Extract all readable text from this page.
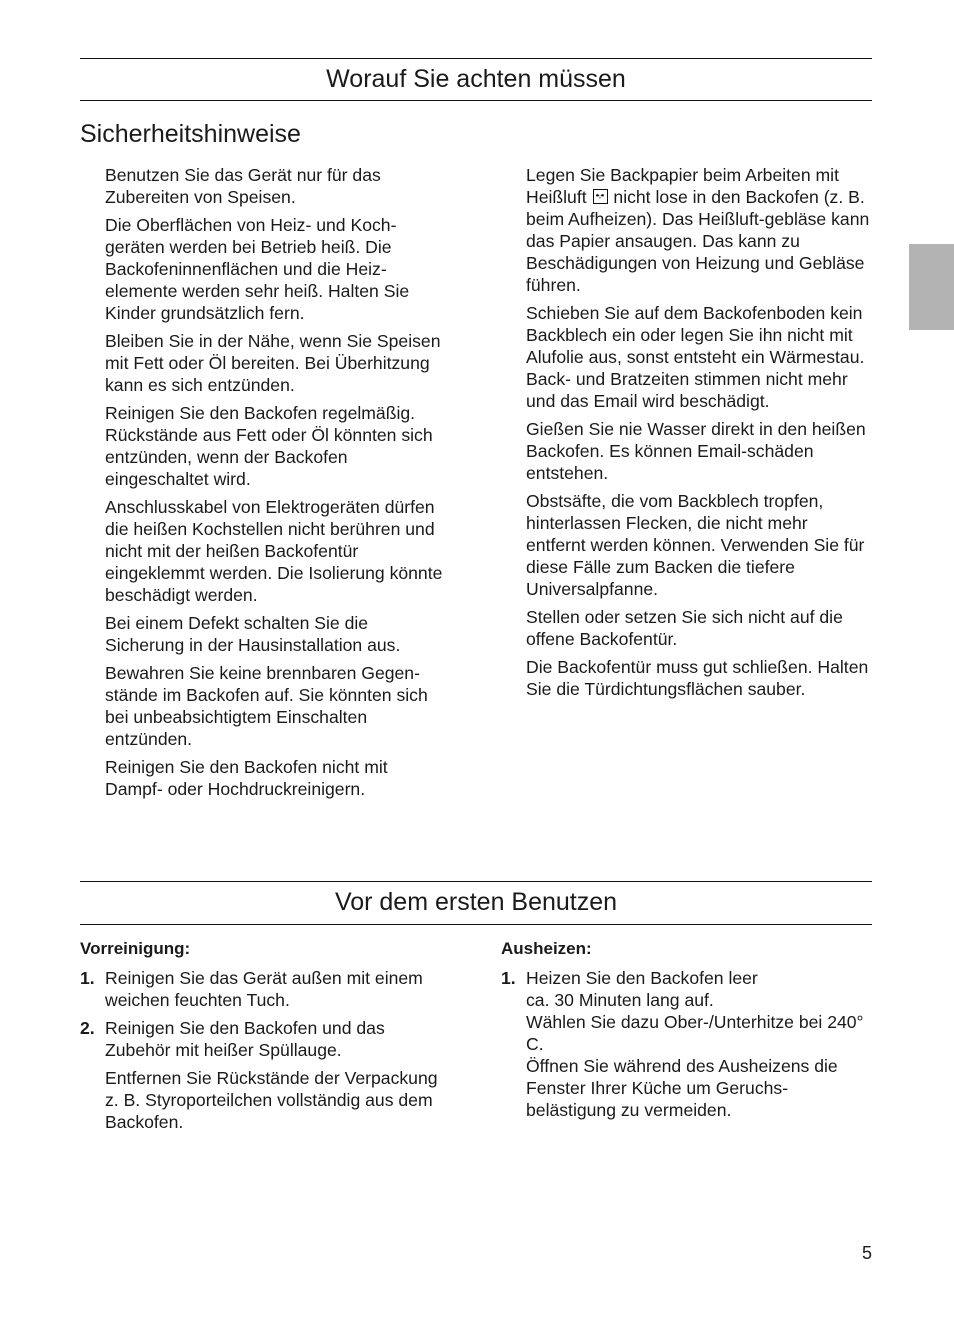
Worauf Sie achten müssen
Sicherheitshinweise

Benutzen Sie das Gerät nur für das Zubereiten von Speisen.

Die Oberflächen von Heiz- und Koch-geräten werden bei Betrieb heiß. Die Backofeninnenflächen und die Heiz-elemente werden sehr heiß. Halten Sie Kinder grundsätzlich fern.

Bleiben Sie in der Nähe, wenn Sie Speisen mit Fett oder Öl bereiten. Bei Überhitzung kann es sich entzünden.

Reinigen Sie den Backofen regelmäßig. Rückstände aus Fett oder Öl könnten sich entzünden, wenn der Backofen eingeschaltet wird.

Anschlusskabel von Elektrogeräten dürfen die heißen Kochstellen nicht berühren und nicht mit der heißen Backofentür eingeklemmt werden. Die Isolierung könnte beschädigt werden.

Bei einem Defekt schalten Sie die Sicherung in der Hausinstallation aus.

Bewahren Sie keine brennbaren Gegen-stände im Backofen auf. Sie könnten sich bei unbeabsichtigtem Einschalten entzünden.

Reinigen Sie den Backofen nicht mit Dampf- oder Hochdruckreinigern.

Legen Sie Backpapier beim Arbeiten mit Heißluft nicht lose in den Backofen (z. B. beim Aufheizen). Das Heißluft-gebläse kann das Papier ansaugen. Das kann zu Beschädigungen von Heizung und Gebläse führen.

Schieben Sie auf dem Backofenboden kein Backblech ein oder legen Sie ihn nicht mit Alufolie aus, sonst entsteht ein Wärmestau. Back- und Bratzeiten stimmen nicht mehr und das Email wird beschädigt.

Gießen Sie nie Wasser direkt in den heißen Backofen. Es können Email-schäden entstehen.

Obstsäfte, die vom Backblech tropfen, hinterlassen Flecken, die nicht mehr entfernt werden können. Verwenden Sie für diese Fälle zum Backen die tiefere Universalpfanne.

Stellen oder setzen Sie sich nicht auf die offene Backofentür.

Die Backofentür muss gut schließen. Halten Sie die Türdichtungsflächen sauber.

Vor dem ersten Benutzen
Vorreinigung:	Ausheizen:
1. Reinigen Sie das Gerät außen mit einem weichen feuchten Tuch.
2. Reinigen Sie den Backofen und das Zubehör mit heißer Spüllauge.
Entfernen Sie Rückstände der Verpackung z. B. Styroporteilchen vollständig aus dem Backofen.
1. Heizen Sie den Backofen leer
ca. 30 Minuten lang auf.
Wählen Sie dazu Ober-/Unterhitze bei 240° C.
Öffnen Sie während des Ausheizens die Fenster Ihrer Küche um Geruchs-belästigung zu vermeiden.
5
